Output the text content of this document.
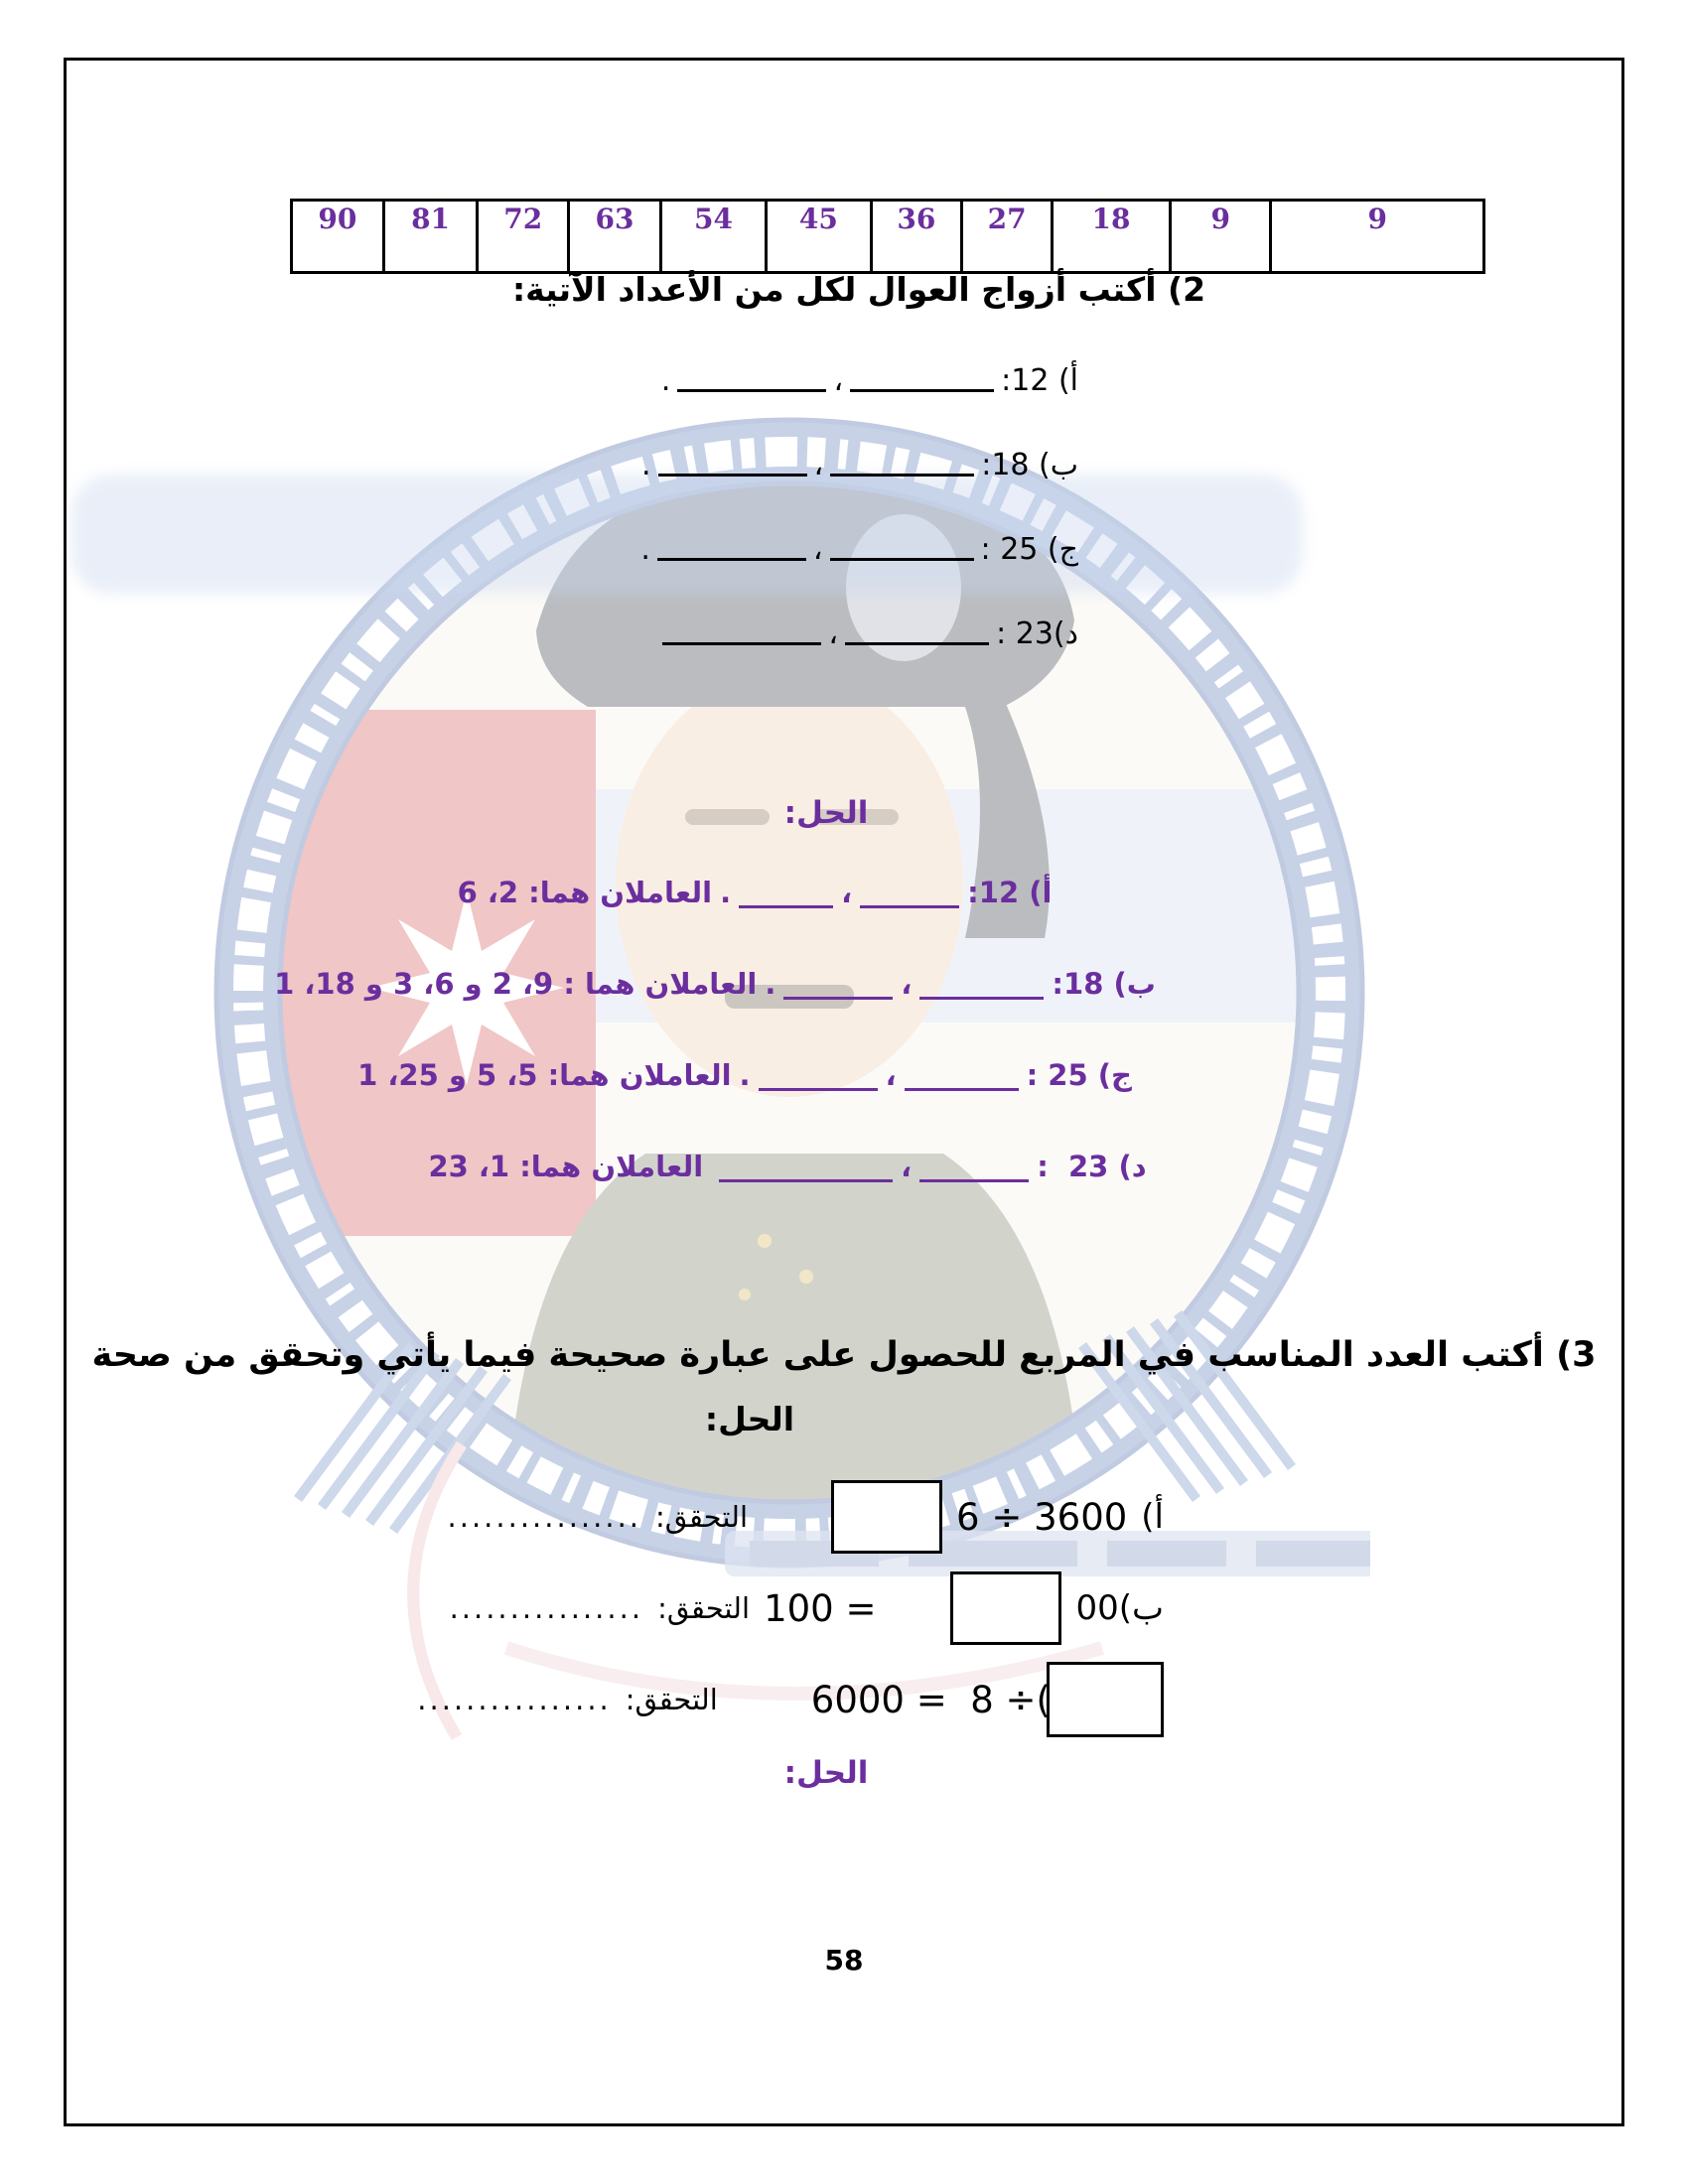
90 81 72 63 54 45 36 27 18	9	9
2) أكتب أزواج العوال لكل من الأعداد الآتية:
أ) 12:
،
.
ب) 18:
،
.
ج) 25 :
،
.
د)23 :
،
الحل:
أ) 12:
،
.
العاملان هما: 2، 6
ب) 18:
،
.
العاملان هما : 9، 2 و 6، 3 و 18، 1
ج) 25 :
،
.
العاملان هما: 5، 5 و 25، 1
د) 23  :
،
العاملان هما: 1، 23
3) أكتب العدد المناسب في المربع للحصول على عبارة صحيحة فيما يأتي وتحقق من صحة
الحل:
أ)
3600 ÷ 6
التحقق:
................
ب)00
= 100
التحقق:
................
)÷ 8  = 6000
التحقق:
................
الحل:
58
